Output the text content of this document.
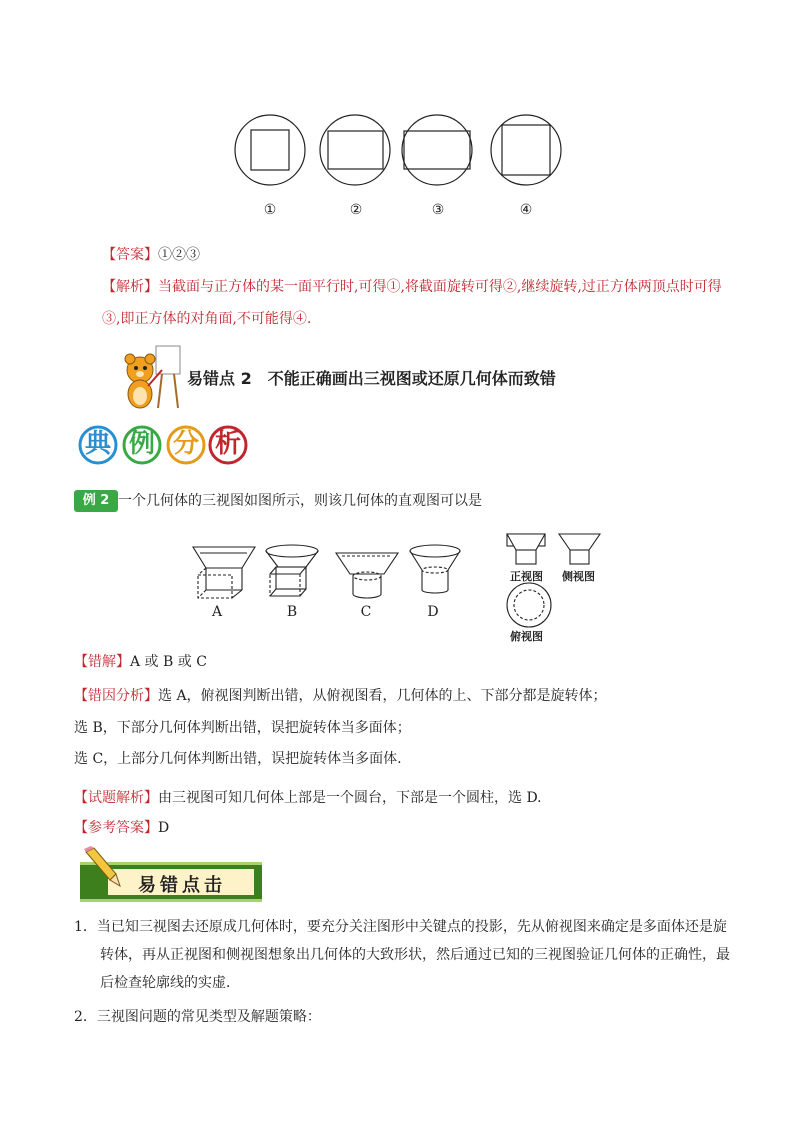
①	②	③	④
【答案】①②③
【解析】当截面与正方体的某一面平行时,可得①,将截面旋转可得②,继续旋转,过正方体两顶点时可得
③,即正方体的对角面,不可能得④.
易错点 2　不能正确画出三视图或还原几何体而致错
典 例 分 析
例 2 一个几何体的三视图如图所示，则该几何体的直观图可以是
A	B	C	D
正视图 侧视图
俯视图
【错解】A 或 B 或 C
【错因分析】选 A，俯视图判断出错，从俯视图看，几何体的上、下部分都是旋转体；
选 B，下部分几何体判断出错，误把旋转体当多面体；
选 C，上部分几何体判断出错，误把旋转体当多面体.
【试题解析】由三视图可知几何体上部是一个圆台，下部是一个圆柱，选 D.
【参考答案】D
易错点击
1．当已知三视图去还原成几何体时，要充分关注图形中关键点的投影，先从俯视图来确定是多面体还是旋
转体，再从正视图和侧视图想象出几何体的大致形状，然后通过已知的三视图验证几何体的正确性，最
后检查轮廓线的实虚．
2．三视图问题的常见类型及解题策略：
